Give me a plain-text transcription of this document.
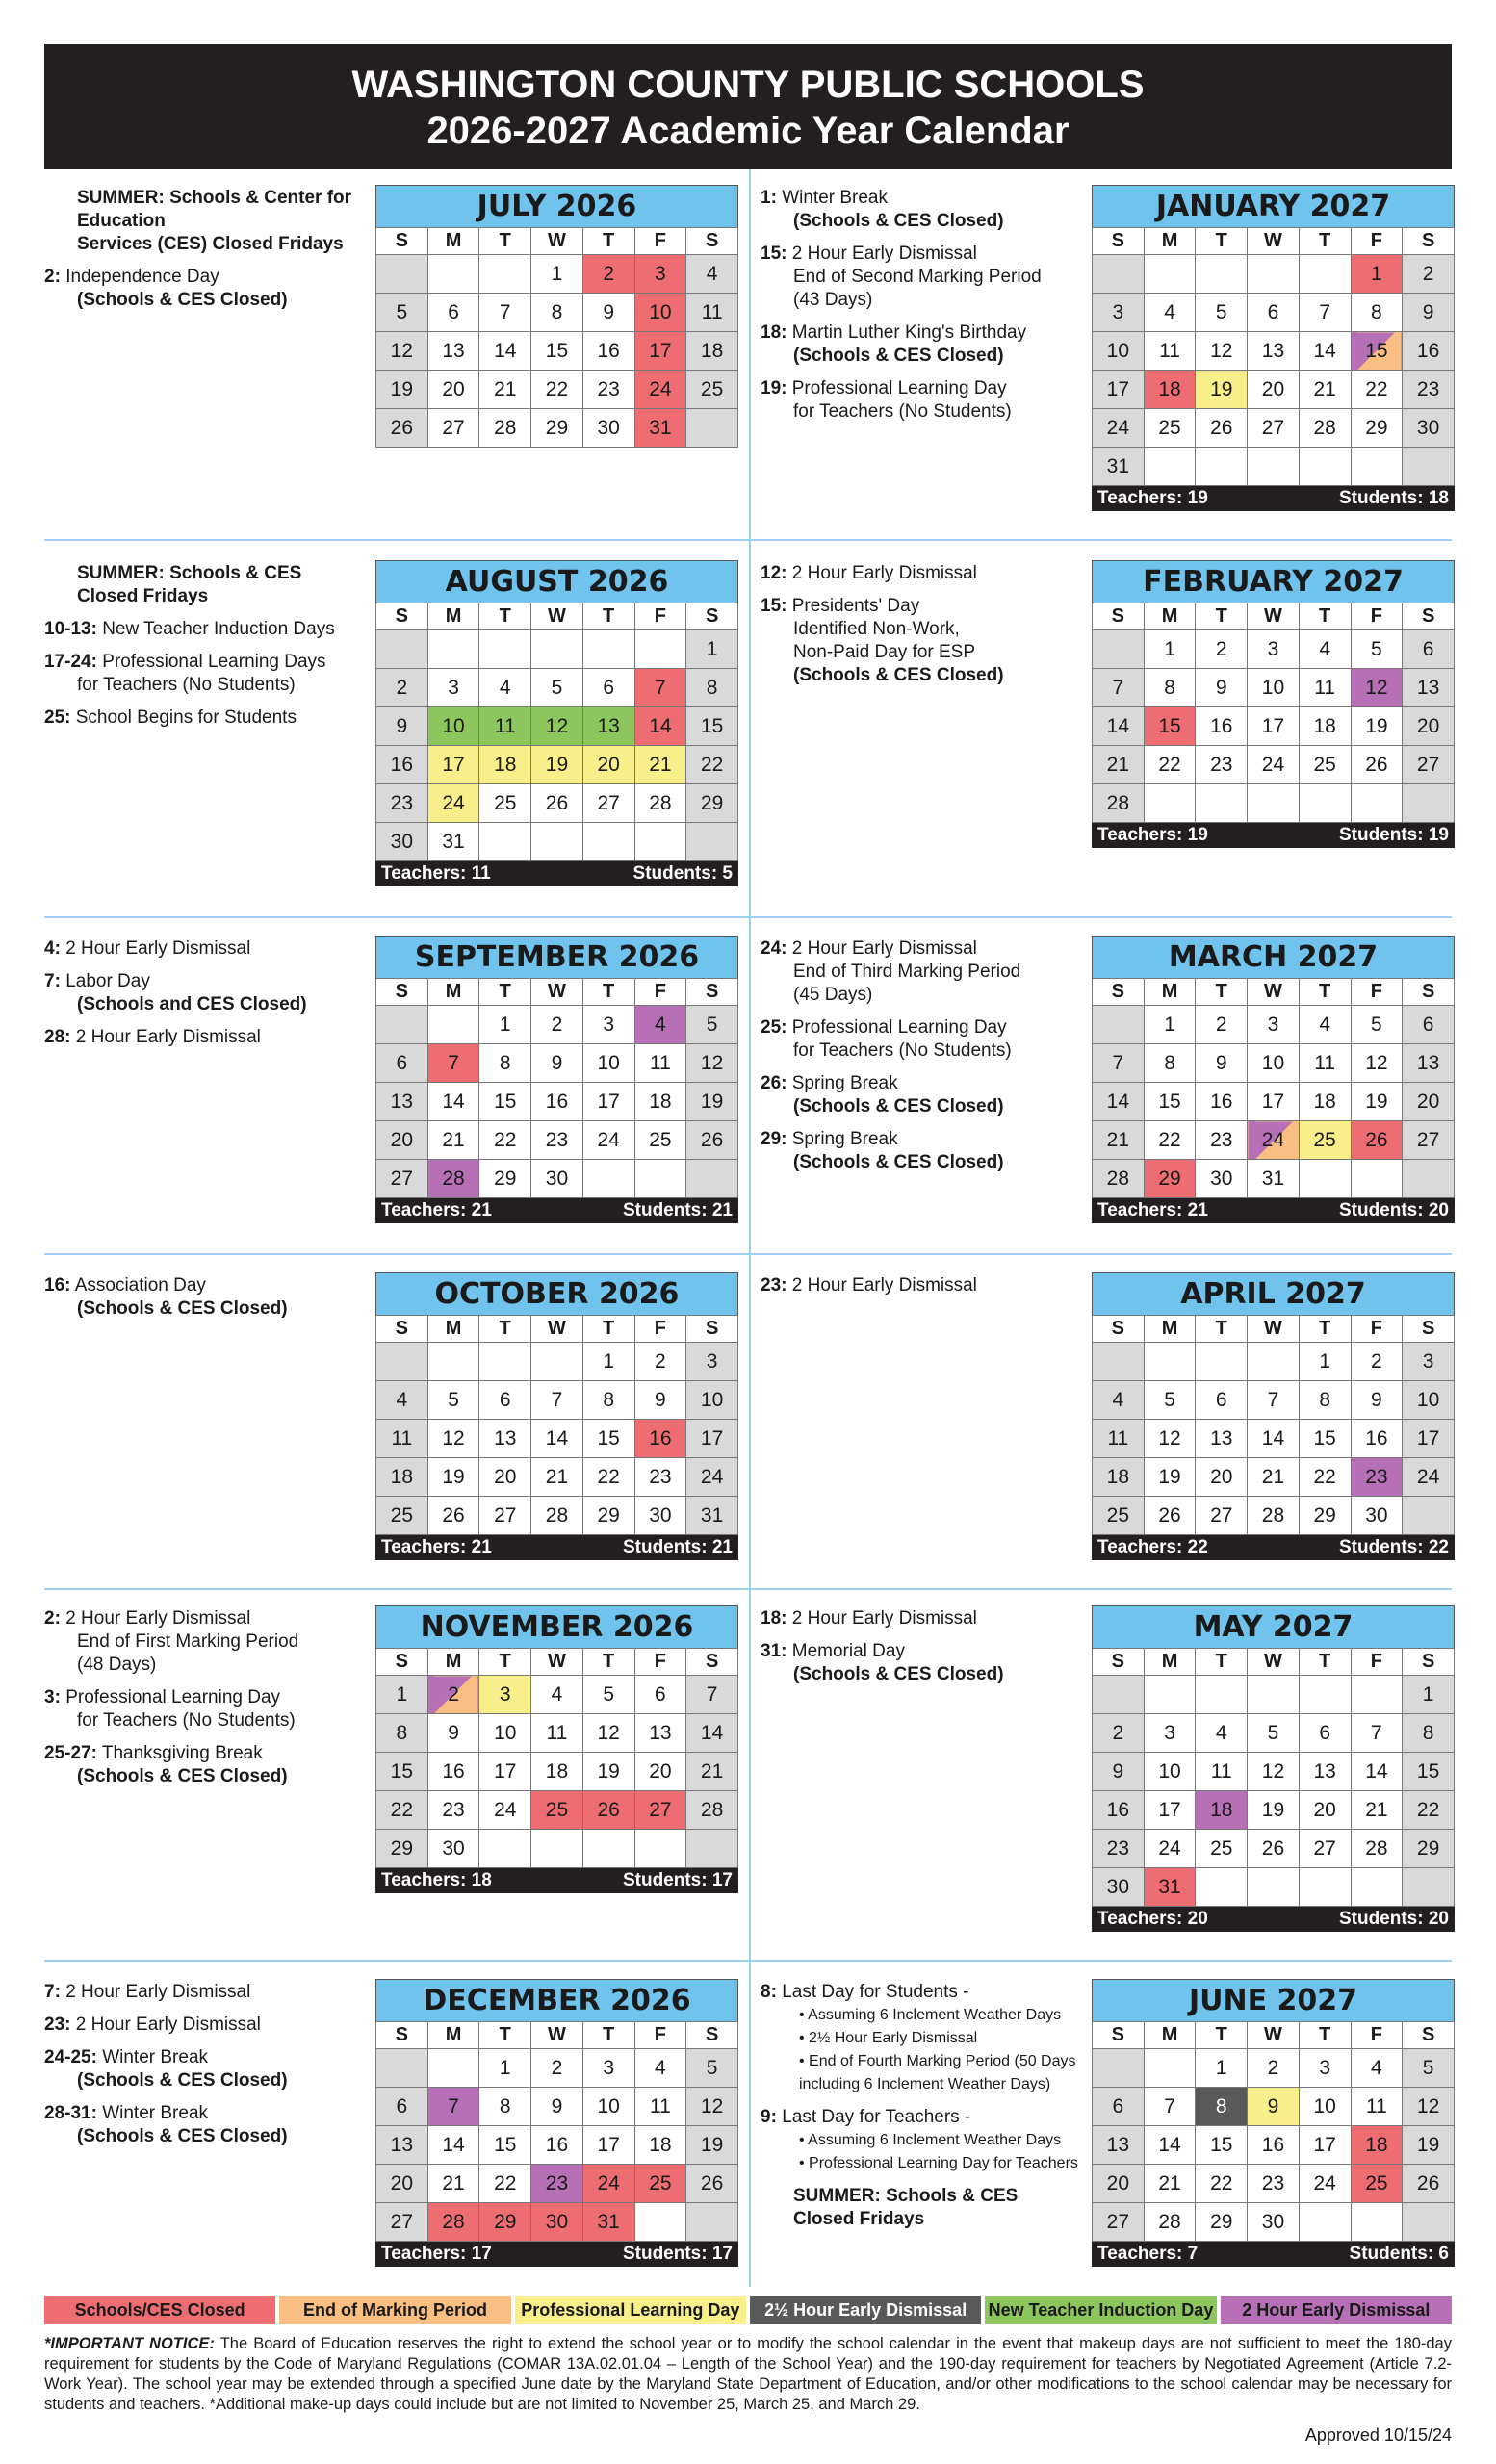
WASHINGTON COUNTY PUBLIC SCHOOLS
2026-2027 Academic Year Calendar
SUMMER: Schools & Center for Education
Services (CES) Closed Fridays
2: Independence Day
(Schools & CES Closed)
JULY 2026
S	M	T	W	T	F	S
			1	2	3	4
5	6	7	8	9	10	11
12	13	14	15	16	17	18
19	20	21	22	23	24	25
26	27	28	29	30	31	
1: Winter Break
(Schools & CES Closed)
15: 2 Hour Early Dismissal
End of Second Marking Period
(43 Days)
18: Martin Luther King's Birthday
(Schools & CES Closed)
19: Professional Learning Day
for Teachers (No Students)
JANUARY 2027
S	M	T	W	T	F	S
					1	2
3	4	5	6	7	8	9
10	11	12	13	14	15	16
17	18	19	20	21	22	23
24	25	26	27	28	29	30
31						
Teachers: 19	Students: 18
SUMMER: Schools & CES Closed Fridays
10-13: New Teacher Induction Days
17-24: Professional Learning Days
for Teachers (No Students)
25: School Begins for Students
AUGUST 2026
S	M	T	W	T	F	S
						1
2	3	4	5	6	7	8
9	10	11	12	13	14	15
16	17	18	19	20	21	22
23	24	25	26	27	28	29
30	31					
Teachers: 11	Students: 5
12: 2 Hour Early Dismissal
15: Presidents' Day
Identified Non-Work,
Non-Paid Day for ESP
(Schools & CES Closed)
FEBRUARY 2027
S	M	T	W	T	F	S
	1	2	3	4	5	6
7	8	9	10	11	12	13
14	15	16	17	18	19	20
21	22	23	24	25	26	27
28						
Teachers: 19	Students: 19
4: 2 Hour Early Dismissal
7: Labor Day
(Schools and CES Closed)
28: 2 Hour Early Dismissal
SEPTEMBER 2026
S	M	T	W	T	F	S
		1	2	3	4	5
6	7	8	9	10	11	12
13	14	15	16	17	18	19
20	21	22	23	24	25	26
27	28	29	30			
Teachers: 21	Students: 21
24: 2 Hour Early Dismissal
End of Third Marking Period
(45 Days)
25: Professional Learning Day
for Teachers (No Students)
26: Spring Break
(Schools & CES Closed)
29: Spring Break
(Schools & CES Closed)
MARCH 2027
S	M	T	W	T	F	S
	1	2	3	4	5	6
7	8	9	10	11	12	13
14	15	16	17	18	19	20
21	22	23	24	25	26	27
28	29	30	31			
Teachers: 21	Students: 20
16: Association Day
(Schools & CES Closed)	OCTOBER 2026
S	M	T	W	T	F	S
				1	2	3
4	5	6	7	8	9	10
11	12	13	14	15	16	17
18	19	20	21	22	23	24
25	26	27	28	29	30	31
Teachers: 21	Students: 21
23: 2 Hour Early Dismissal	APRIL 2027
S	M	T	W	T	F	S
				1	2	3
4	5	6	7	8	9	10
11	12	13	14	15	16	17
18	19	20	21	22	23	24
25	26	27	28	29	30	
Teachers: 22	Students: 22
2: 2 Hour Early Dismissal
End of First Marking Period
(48 Days)
3: Professional Learning Day
for Teachers (No Students)
25-27: Thanksgiving Break
(Schools & CES Closed)
NOVEMBER 2026
S	M	T	W	T	F	S
1	2	3	4	5	6	7
8	9	10	11	12	13	14
15	16	17	18	19	20	21
22	23	24	25	26	27	28
29	30					
Teachers: 18	Students: 17
18: 2 Hour Early Dismissal
31: Memorial Day
(Schools & CES Closed)
MAY 2027
S	M	T	W	T	F	S
						1
2	3	4	5	6	7	8
9	10	11	12	13	14	15
16	17	18	19	20	21	22
23	24	25	26	27	28	29
30	31					
Teachers: 20	Students: 20
7: 2 Hour Early Dismissal
23: 2 Hour Early Dismissal
24-25: Winter Break
(Schools & CES Closed)
28-31: Winter Break
(Schools & CES Closed)
DECEMBER 2026
S	M	T	W	T	F	S
		1	2	3	4	5
6	7	8	9	10	11	12
13	14	15	16	17	18	19
20	21	22	23	24	25	26
27	28	29	30	31		
Teachers: 17	Students: 17
8: Last Day for Students -
• Assuming 6 Inclement Weather Days
• 2½ Hour Early Dismissal
• End of Fourth Marking Period (50 Days including 6 Inclement Weather Days)
9: Last Day for Teachers -
• Assuming 6 Inclement Weather Days
• Professional Learning Day for Teachers
SUMMER: Schools & CES Closed Fridays
JUNE 2027
S	M	T	W	T	F	S
		1	2	3	4	5
6	7	8	9	10	11	12
13	14	15	16	17	18	19
20	21	22	23	24	25	26
27	28	29	30			
Teachers: 7	Students: 6
Schools/CES Closed	End of Marking Period	Professional Learning Day	2½ Hour Early Dismissal	New Teacher Induction Day	2 Hour Early Dismissal
*IMPORTANT NOTICE: The Board of Education reserves the right to extend the school year or to modify the school calendar in the event that makeup days are not sufficient to meet the 180-day requirement for students by the Code of Maryland Regulations (COMAR 13A.02.01.04 – Length of the School Year) and the 190-day requirement for teachers by Negotiated Agreement (Article 7.2-Work Year). The school year may be extended through a specified June date by the Maryland State Department of Education, and/or other modifications to the school calendar may be necessary for students and teachers. *Additional make-up days could include but are not limited to November 25, March 25, and March 29.
Approved 10/15/24
